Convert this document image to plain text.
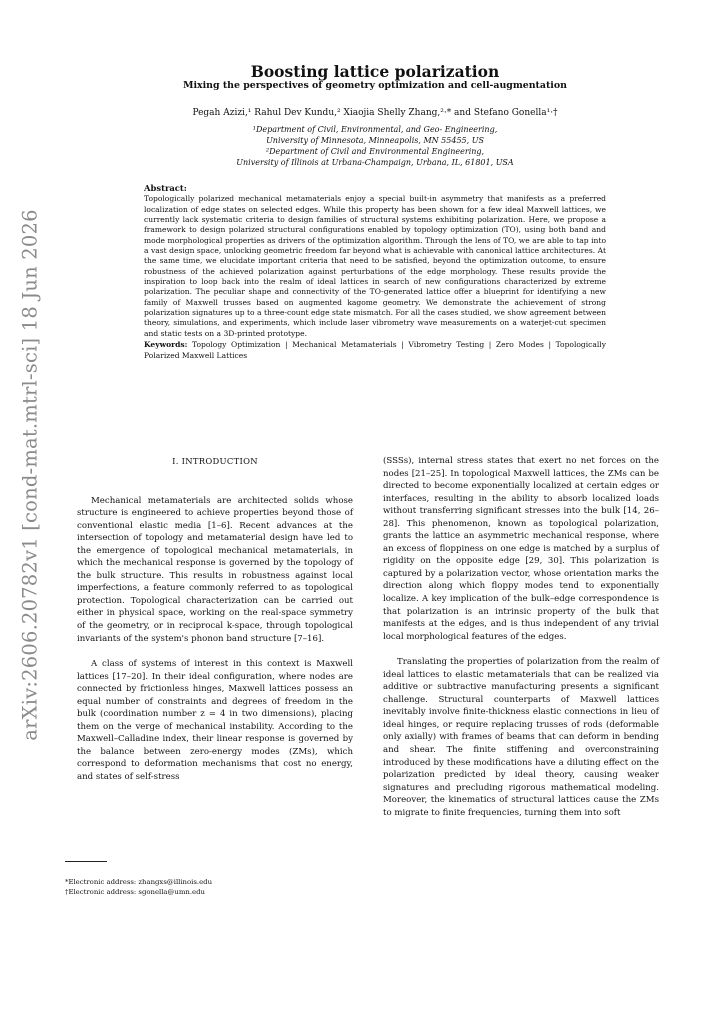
arXiv:2606.20782v1 [cond-mat.mtrl-sci] 18 Jun 2026
Boosting lattice polarization
Mixing the perspectives of geometry optimization and cell-augmentation
Pegah Azizi,¹ Rahul Dev Kundu,² Xiaojia Shelly Zhang,²·* and Stefano Gonella¹·†
¹Department of Civil, Environmental, and Geo- Engineering,
University of Minnesota, Minneapolis, MN 55455, US
²Department of Civil and Environmental Engineering,
University of Illinois at Urbana-Champaign, Urbana, IL, 61801, USA
Abstract:
Topologically polarized mechanical metamaterials enjoy a special built-in asymmetry that manifests as a preferred localization of edge states on selected edges. While this property has been shown for a few ideal Maxwell lattices, we currently lack systematic criteria to design families of structural systems exhibiting polarization. Here, we propose a framework to design polarized structural configurations enabled by topology optimization (TO), using both band and mode morphological properties as drivers of the optimization algorithm. Through the lens of TO, we are able to tap into a vast design space, unlocking geometric freedom far beyond what is achievable with canonical lattice architectures. At the same time, we elucidate important criteria that need to be satisfied, beyond the optimization outcome, to ensure robustness of the achieved polarization against perturbations of the edge morphology. These results provide the inspiration to loop back into the realm of ideal lattices in search of new configurations characterized by extreme polarization. The peculiar shape and connectivity of the TO-generated lattice offer a blueprint for identifying a new family of Maxwell trusses based on augmented kagome geometry. We demonstrate the achievement of strong polarization signatures up to a three-count edge state mismatch. For all the cases studied, we show agreement between theory, simulations, and experiments, which include laser vibrometry wave measurements on a waterjet-cut specimen and static tests on a 3D-printed prototype.
Keywords: Topology Optimization | Mechanical Metamaterials | Vibrometry Testing | Zero Modes | Topologically Polarized Maxwell Lattices
I. INTRODUCTION

Mechanical metamaterials are architected solids whose structure is engineered to achieve properties beyond those of conventional elastic media [1–6]. Recent advances at the intersection of topology and metamaterial design have led to the emergence of topological mechanical metamaterials, in which the mechanical response is governed by the topology of the bulk structure. This results in robustness against local imperfections, a feature commonly referred to as topological protection. Topological characterization can be carried out either in physical space, working on the real-space symmetry of the geometry, or in reciprocal k-space, through topological invariants of the system's phonon band structure [7–16].

A class of systems of interest in this context is Maxwell lattices [17–20]. In their ideal configuration, where nodes are connected by frictionless hinges, Maxwell lattices possess an equal number of constraints and degrees of freedom in the bulk (coordination number z = 4 in two dimensions), placing them on the verge of mechanical instability. According to the Maxwell–Calladine index, their linear response is governed by the balance between zero-energy modes (ZMs), which correspond to deformation mechanisms that cost no energy, and states of self-stress

(SSSs), internal stress states that exert no net forces on the nodes [21–25]. In topological Maxwell lattices, the ZMs can be directed to become exponentially localized at certain edges or interfaces, resulting in the ability to absorb localized loads without transferring significant stresses into the bulk [14, 26–28]. This phenomenon, known as topological polarization, grants the lattice an asymmetric mechanical response, where an excess of floppiness on one edge is matched by a surplus of rigidity on the opposite edge [29, 30]. This polarization is captured by a polarization vector, whose orientation marks the direction along which floppy modes tend to exponentially localize. A key implication of the bulk–edge correspondence is that polarization is an intrinsic property of the bulk that manifests at the edges, and is thus independent of any trivial local morphological features of the edges.

Translating the properties of polarization from the realm of ideal lattices to elastic metamaterials that can be realized via additive or subtractive manufacturing presents a significant challenge. Structural counterparts of Maxwell lattices inevitably involve finite-thickness elastic connections in lieu of ideal hinges, or require replacing trusses of rods (deformable only axially) with frames of beams that can deform in bending and shear. The finite stiffening and overconstraining introduced by these modifications have a diluting effect on the polarization predicted by ideal theory, causing weaker signatures and precluding rigorous mathematical modeling. Moreover, the kinematics of structural lattices cause the ZMs to migrate to finite frequencies, turning them into soft

*Electronic address: zhangxs@illinois.edu
†Electronic address: sgonella@umn.edu
